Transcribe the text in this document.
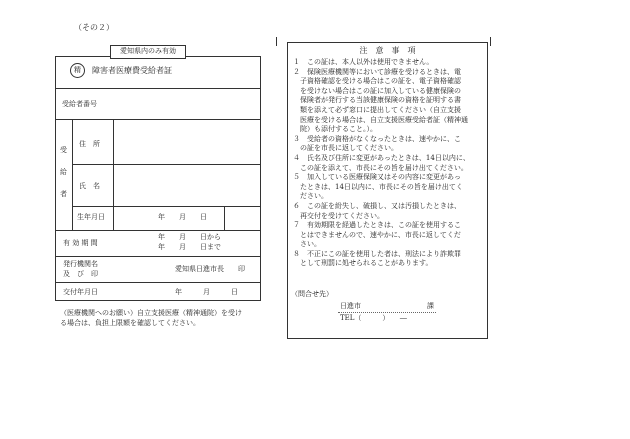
（その２）
愛知県内のみ有効
精	障害者医療費受給者証
受給者番号
受
給
者
住　所
氏　名
生年月日	年　　月　　日
有 効 期 間
年　　月　　日から
年　　月　　日まで
発行機関名
及　び　印
愛知県日進市長　　印
交付年月日	年　　　月　　　日
（医療機関へのお願い）自立支援医療（精神通院）を受け
る場合は、負担上限額を確認してください。
注　意　事　項

１　この証は、本人以外は使用できません。

２　保険医療機関等において診療を受けるときは、電

　子資格確認を受ける場合はこの証を、電子資格確認

　を受けない場合はこの証に加入している健康保険の

　保険者が発行する当該健康保険の資格を証明する書

　類を添えて必ず窓口に提出してください（自立支援

　医療を受ける場合は、自立支援医療受給者証（精神通

　院）も添付すること。）。

３　受給者の資格がなくなったときは、速やかに、こ

　の証を市長に返してください。

４　氏名及び住所に変更があったときは、14日以内に、

　この証を添えて、市長にその旨を届け出てください。

５　加入している医療保険又はその内容に変更があっ

　たときは、14日以内に、市長にその旨を届け出てく

　ださい。

６　この証を紛失し、破損し、又は汚損したときは、

　再交付を受けてください。

７　有効期限を経過したときは、この証を使用するこ

　とはできませんので、速やかに、市長に返してくだ

　さい。

８　不正にこの証を使用した者は、刑法により詐欺罪

　として刑罰に処せられることがあります。

（問合せ先）
日進市	課
TEL（　　　）　　―
